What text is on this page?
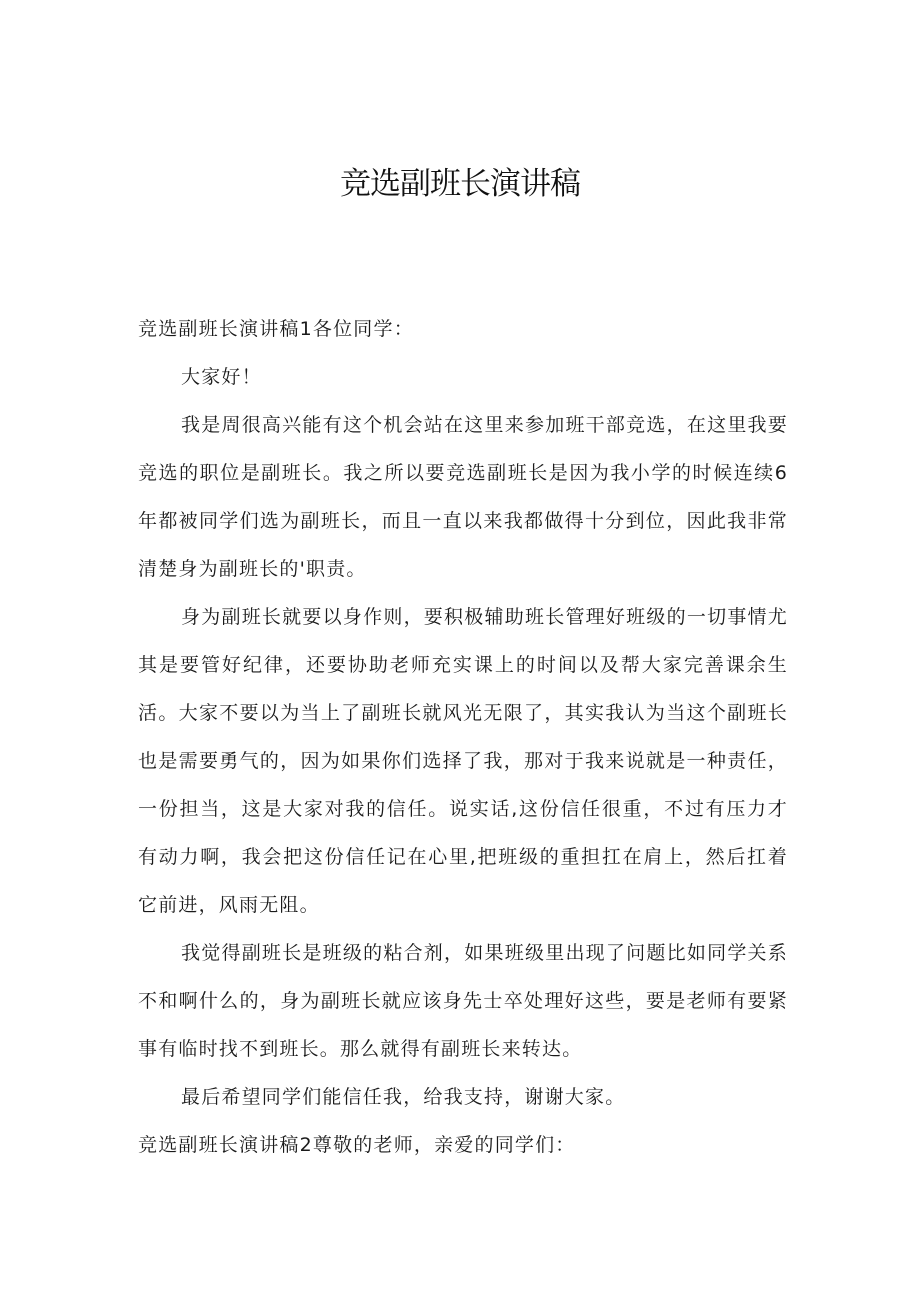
竞选副班长演讲稿

竞选副班长演讲稿1各位同学：

大家好！

我是周很高兴能有这个机会站在这里来参加班干部竞选，在这里我要竞选的职位是副班长。我之所以要竞选副班长是因为我小学的时候连续6年都被同学们选为副班长，而且一直以来我都做得十分到位，因此我非常清楚身为副班长的'职责。

身为副班长就要以身作则，要积极辅助班长管理好班级的一切事情尤其是要管好纪律，还要协助老师充实课上的时间以及帮大家完善课余生活。大家不要以为当上了副班长就风光无限了，其实我认为当这个副班长也是需要勇气的，因为如果你们选择了我，那对于我来说就是一种责任，一份担当，这是大家对我的信任。说实话,这份信任很重，不过有压力才有动力啊，我会把这份信任记在心里,把班级的重担扛在肩上，然后扛着它前进，风雨无阻。

我觉得副班长是班级的粘合剂，如果班级里出现了问题比如同学关系不和啊什么的，身为副班长就应该身先士卒处理好这些，要是老师有要紧事有临时找不到班长。那么就得有副班长来转达。

最后希望同学们能信任我，给我支持，谢谢大家。

竞选副班长演讲稿2尊敬的老师，亲爱的同学们：
